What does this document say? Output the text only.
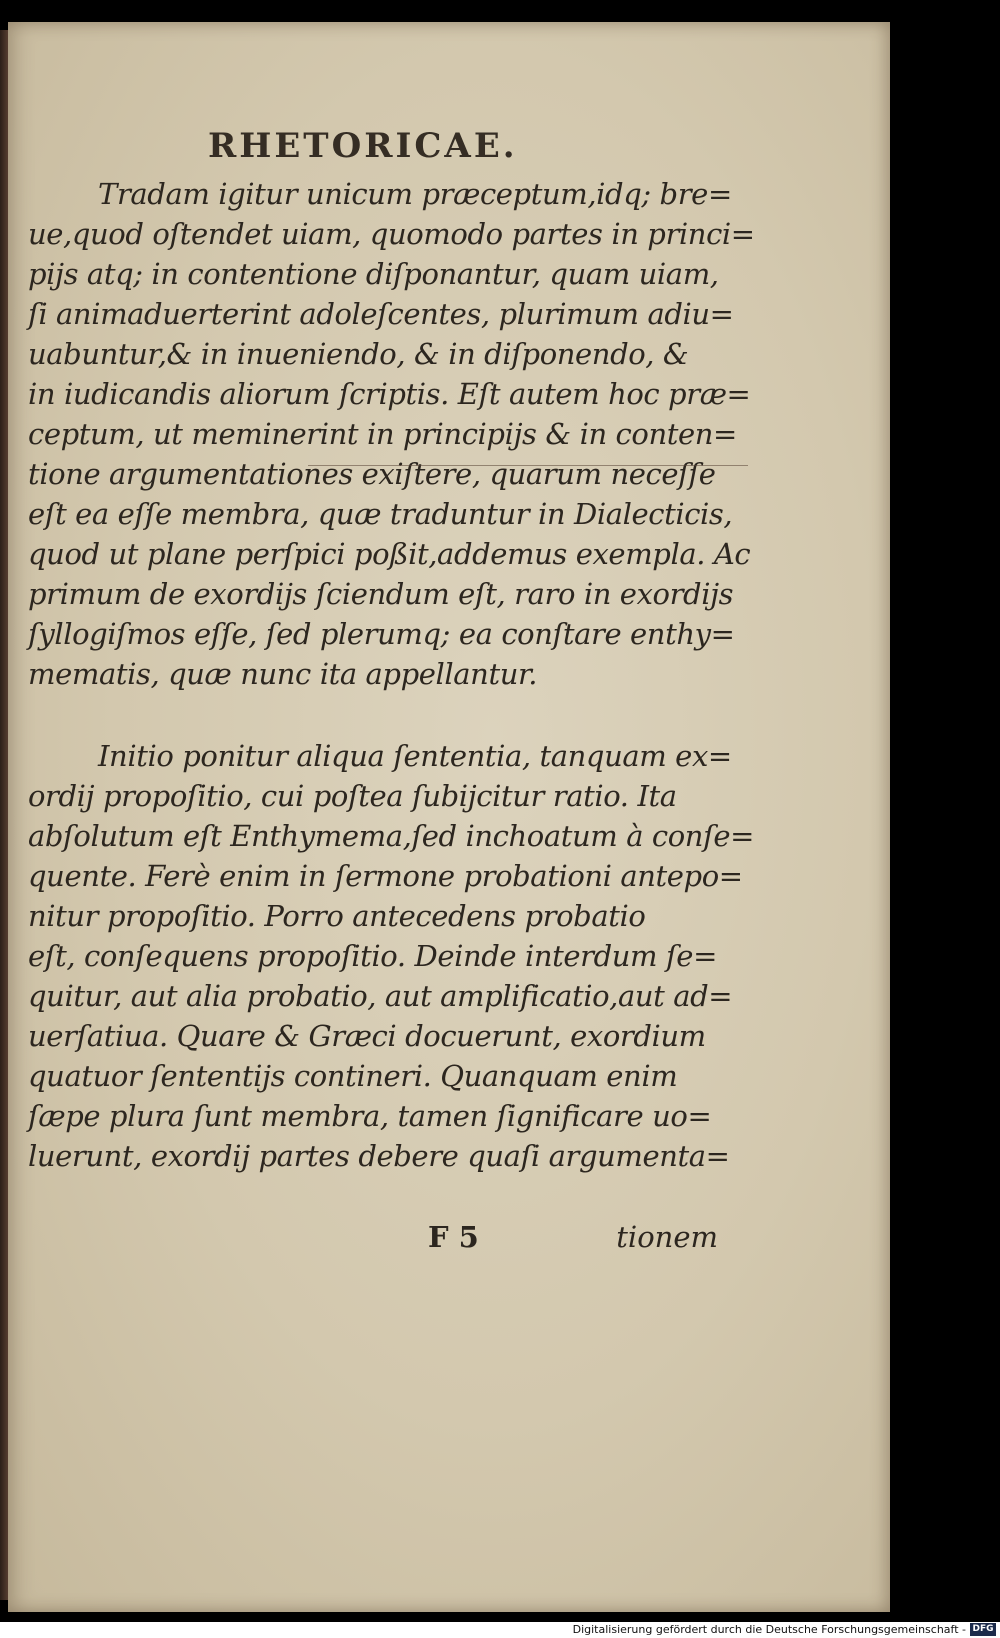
RHETORICAE.
Tradam igitur unicum præceptum,idq; bre=
ue,quod oſtendet uiam, quomodo partes in princi=
pijs atq; in contentione diſponantur, quam uiam,
ſi animaduerterint adoleſcentes, plurimum adiu=
uabuntur,& in inueniendo, & in diſponendo, &
in iudicandis aliorum ſcriptis. Eſt autem hoc præ=
ceptum, ut meminerint in principijs & in conten=
tione argumentationes exiſtere, quarum neceſſe
eſt ea eſſe membra, quæ traduntur in Dialecticis,
quod ut plane perſpici poßit,addemus exempla. Ac
primum de exordijs ſciendum eſt, raro in exordijs
ſyllogiſmos eſſe, ſed plerumq; ea conſtare enthy=
mematis, quæ nunc ita appellantur.
Initio ponitur aliqua ſententia, tanquam ex=
ordij propoſitio, cui poſtea ſubijcitur ratio. Ita
abſolutum eſt Enthymema,ſed inchoatum à conſe=
quente. Ferè enim in ſermone probationi antepo=
nitur propoſitio. Porro antecedens probatio
eſt, conſequens propoſitio. Deinde interdum ſe=
quitur, aut alia probatio, aut amplificatio,aut ad=
uerſatiua. Quare & Græci docuerunt, exordium
quatuor ſententijs contineri. Quanquam enim
ſæpe plura ſunt membra, tamen ſignificare uo=
luerunt, exordij partes debere quaſi argumenta=
F 5	tionem
Digitalisierung gefördert durch die Deutsche Forschungsgemeinschaft - DFG
